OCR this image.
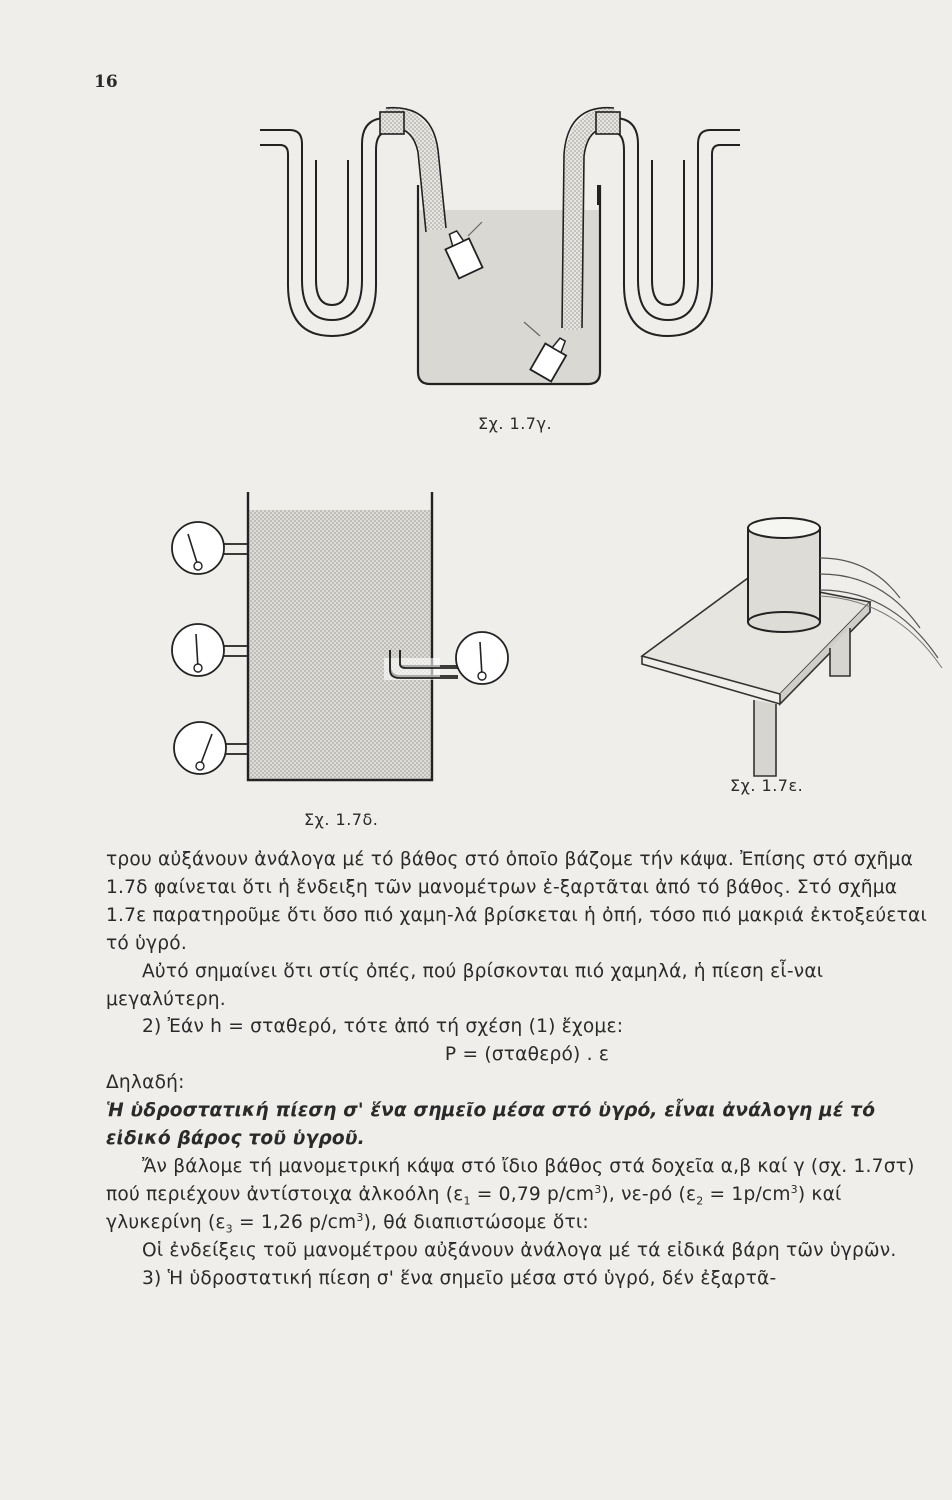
16
Σχ. 1.7γ.
Σχ. 1.7δ.
Σχ. 1.7ε.

τρου αὐξάνουν ἀνάλογα μέ τό βάθος στό ὁποῖο βάζομε τήν κάψα. Ἐπίσης στό σχῆμα 1.7δ φαίνεται ὅτι ἡ ἔνδειξη τῶν μανομέτρων ἐ-ξαρτᾶται ἀπό τό βάθος. Στό σχῆμα 1.7ε παρατηροῦμε ὅτι ὅσο πιό χαμη-λά βρίσκεται ἡ ὀπή, τόσο πιό μακριά ἐκτοξεύεται τό ὑγρό.

Αὐτό σημαίνει ὅτι στίς ὀπές, πού βρίσκονται πιό χαμηλά, ἡ πίεση εἶ-ναι μεγαλύτερη.

2) Ἐάν h = σταθερό, τότε ἀπό τή σχέση (1) ἔχομε:

P = (σταθερό) . ε

Δηλαδή:

Ἡ ὑδροστατική πίεση σ' ἕνα σημεῖο μέσα στό ὑγρό, εἶναι ἀνάλογη μέ τό εἰδικό βάρος τοῦ ὑγροῦ.

Ἄν βάλομε τή μανομετρική κάψα στό ἴδιο βάθος στά δοχεῖα α,β καί γ (σχ. 1.7στ) πού περιέχουν ἀντίστοιχα ἀλκοόλη ($\varepsilon_1 = 0,79$ $p/cm^3$), νε-ρό $(\varepsilon_2 = 1p/cm^3)$ καί γλυκερίνη ($\varepsilon_3 = 1,26$ $p/cm^3$), θά διαπιστώσομε ὅτι:

Οἱ ἐνδείξεις τοῦ μανομέτρου αὐξάνουν ἀνάλογα μέ τά εἰδικά βάρη τῶν ὑγρῶν.

3) Ἡ ὑδροστατική πίεση σ' ἕνα σημεῖο μέσα στό ὑγρό, δέν ἐξαρτᾶ-
